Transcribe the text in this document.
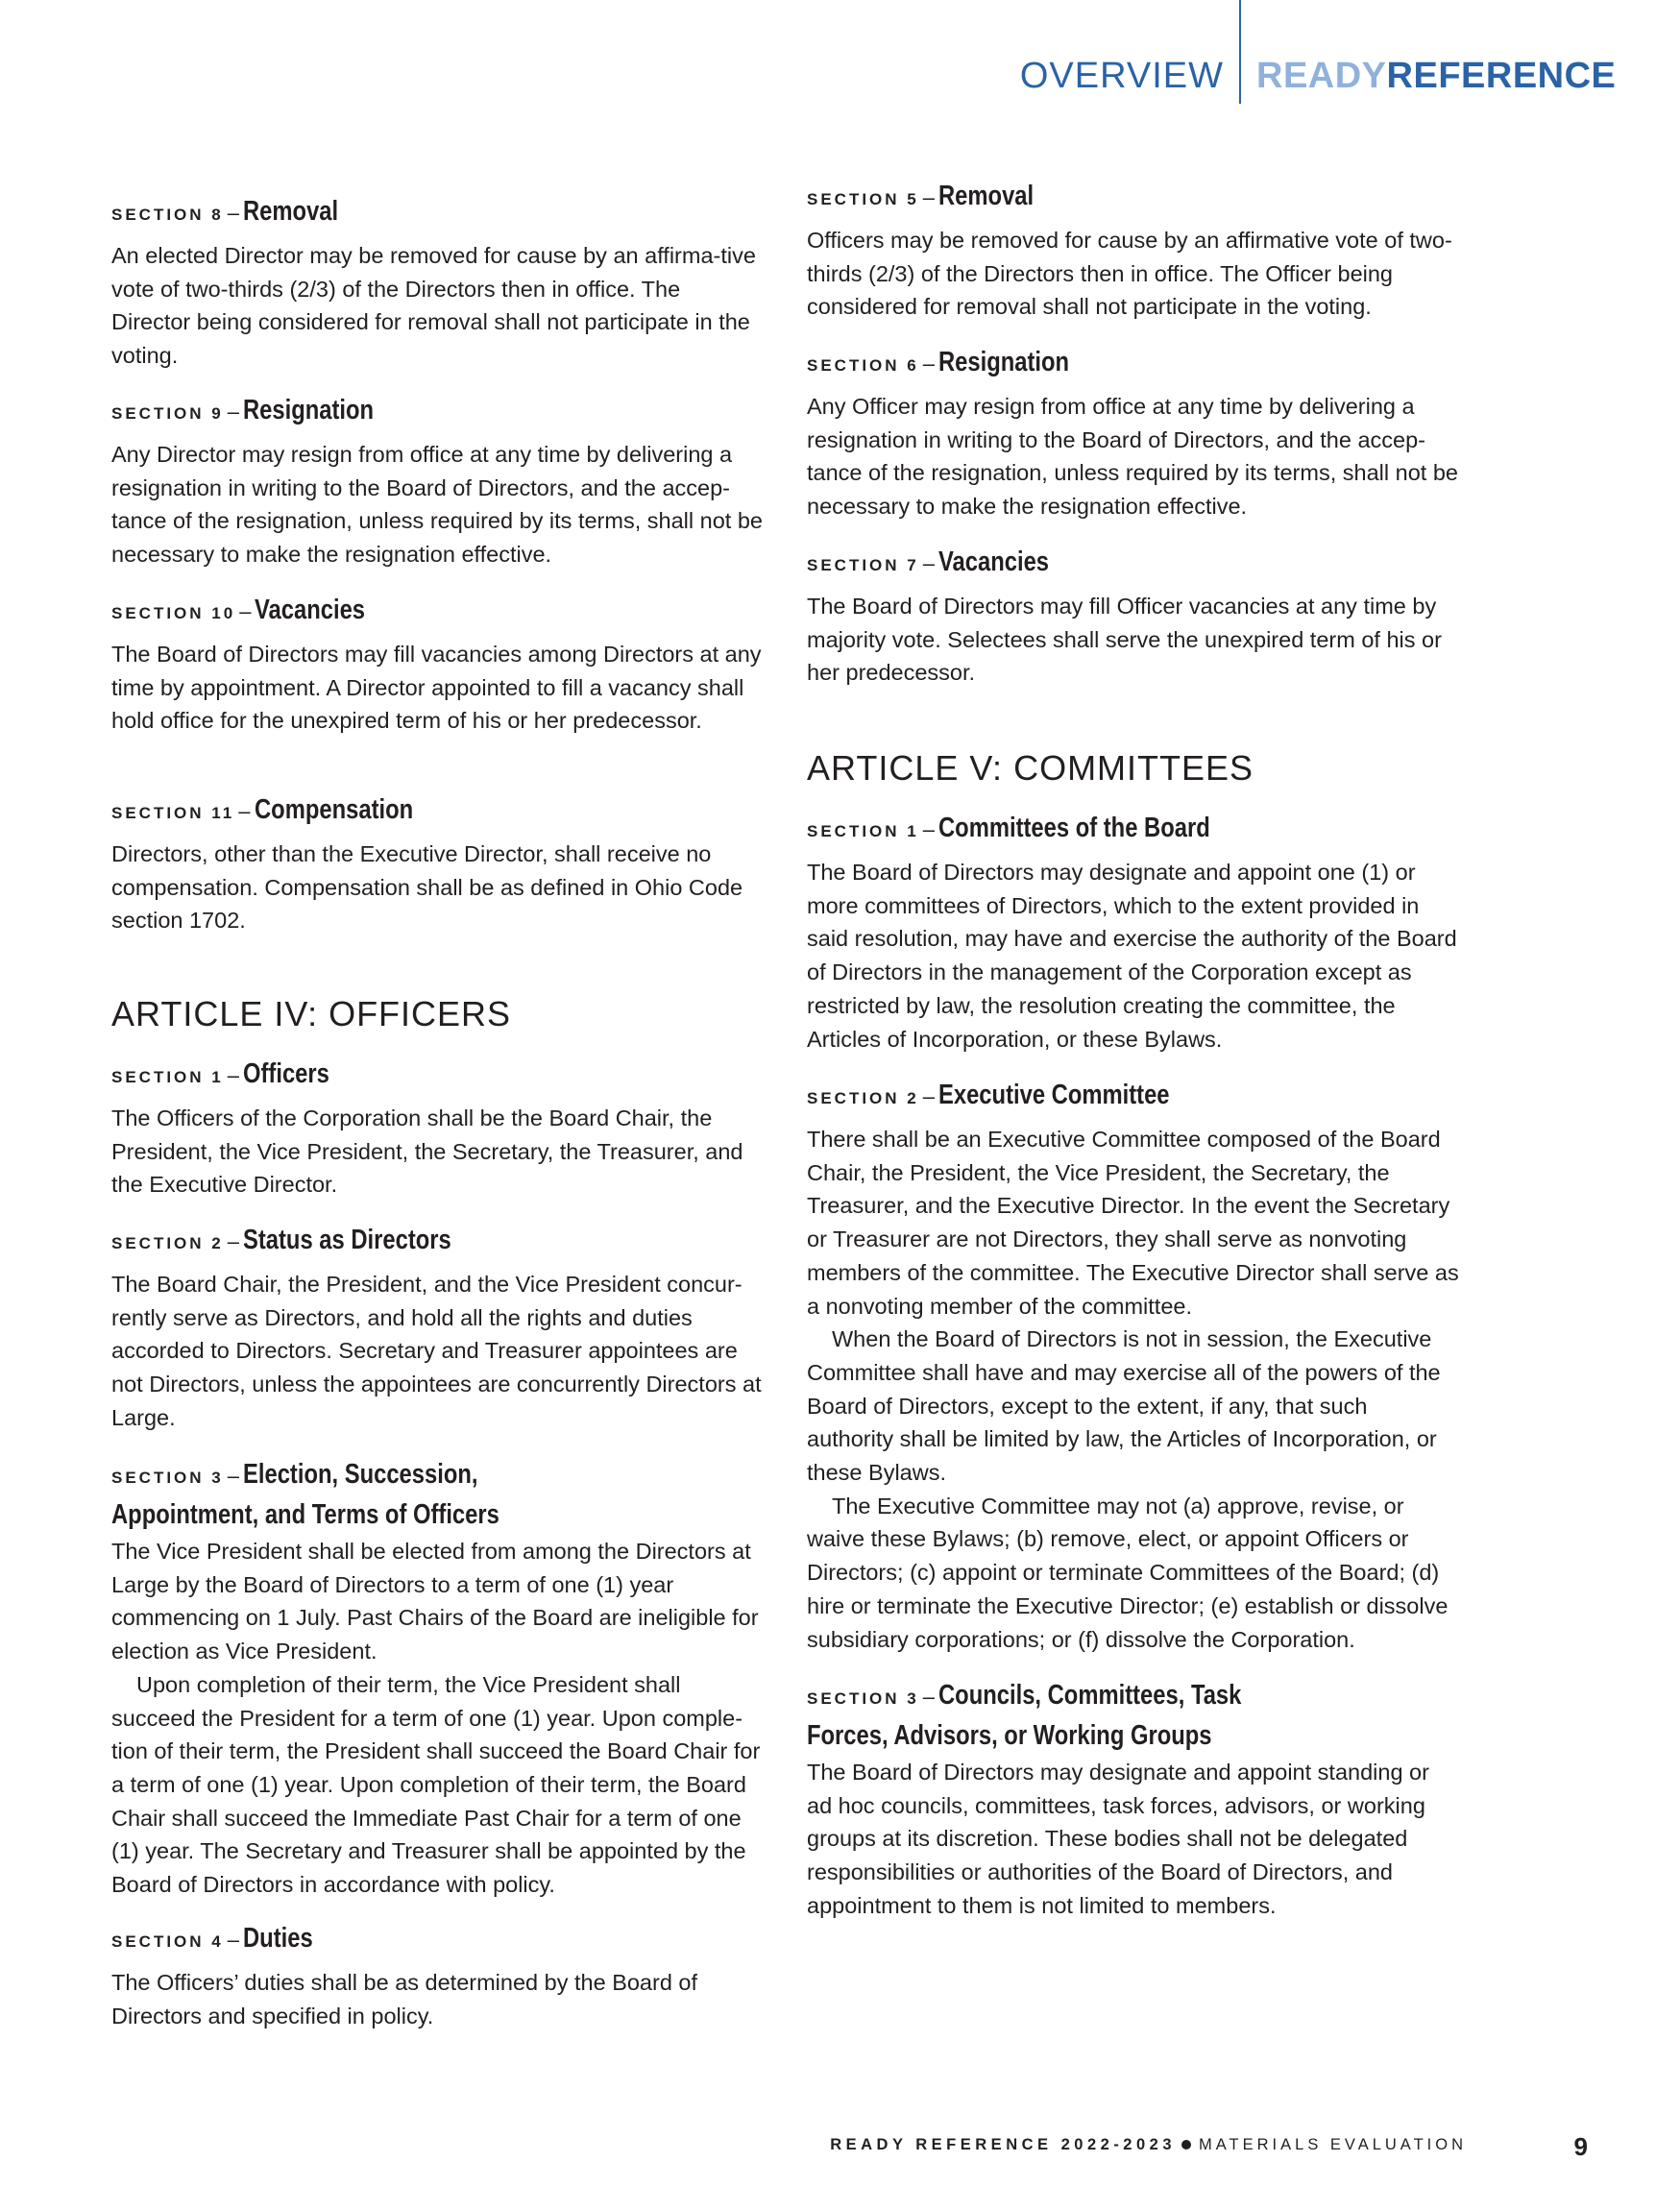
OVERVIEW READYREFERENCE
SECTION 8 – Removal

An elected Director may be removed for cause by an affirma-tive vote of two-thirds (2/3) of the Directors then in office. The Director being considered for removal shall not participate in the voting.

SECTION 9 – Resignation

Any Director may resign from office at any time by delivering a resignation in writing to the Board of Directors, and the accep-tance of the resignation, unless required by its terms, shall not be necessary to make the resignation effective.

SECTION 10 – Vacancies

The Board of Directors may fill vacancies among Directors at any time by appointment. A Director appointed to fill a vacancy shall hold office for the unexpired term of his or her predecessor.

SECTION 11 – Compensation

Directors, other than the Executive Director, shall receive no compensation. Compensation shall be as defined in Ohio Code section 1702.

ARTICLE IV: OFFICERS
SECTION 1 – Officers

The Officers of the Corporation shall be the Board Chair, the President, the Vice President, the Secretary, the Treasurer, and the Executive Director.

SECTION 2 – Status as Directors

The Board Chair, the President, and the Vice President concur-rently serve as Directors, and hold all the rights and duties accorded to Directors. Secretary and Treasurer appointees are not Directors, unless the appointees are concurrently Directors at Large.

SECTION 3 – Election, Succession,
Appointment, and Terms of Officers

The Vice President shall be elected from among the Directors at Large by the Board of Directors to a term of one (1) year commencing on 1 July. Past Chairs of the Board are ineligible for election as Vice President.

Upon completion of their term, the Vice President shall succeed the President for a term of one (1) year. Upon comple-tion of their term, the President shall succeed the Board Chair for a term of one (1) year. Upon completion of their term, the Board Chair shall succeed the Immediate Past Chair for a term of one (1) year. The Secretary and Treasurer shall be appointed by the Board of Directors in accordance with policy.

SECTION 4 – Duties

The Officers’ duties shall be as determined by the Board of Directors and specified in policy.

SECTION 5 – Removal

Officers may be removed for cause by an affirmative vote of two-thirds (2/3) of the Directors then in office. The Officer being considered for removal shall not participate in the voting.

SECTION 6 – Resignation

Any Officer may resign from office at any time by delivering a resignation in writing to the Board of Directors, and the accep-tance of the resignation, unless required by its terms, shall not be necessary to make the resignation effective.

SECTION 7 – Vacancies

The Board of Directors may fill Officer vacancies at any time by majority vote. Selectees shall serve the unexpired term of his or her predecessor.

ARTICLE V: COMMITTEES
SECTION 1 – Committees of the Board

The Board of Directors may designate and appoint one (1) or more committees of Directors, which to the extent provided in said resolution, may have and exercise the authority of the Board of Directors in the management of the Corporation except as restricted by law, the resolution creating the committee, the Articles of Incorporation, or these Bylaws.

SECTION 2 – Executive Committee

There shall be an Executive Committee composed of the Board Chair, the President, the Vice President, the Secretary, the Treasurer, and the Executive Director. In the event the Secretary or Treasurer are not Directors, they shall serve as nonvoting members of the committee. The Executive Director shall serve as a nonvoting member of the committee.

When the Board of Directors is not in session, the Executive Committee shall have and may exercise all of the powers of the Board of Directors, except to the extent, if any, that such authority shall be limited by law, the Articles of Incorporation, or these Bylaws.

The Executive Committee may not (a) approve, revise, or waive these Bylaws; (b) remove, elect, or appoint Officers or Directors; (c) appoint or terminate Committees of the Board; (d) hire or terminate the Executive Director; (e) establish or dissolve subsidiary corporations; or (f) dissolve the Corporation.

SECTION 3 – Councils, Committees, Task
Forces, Advisors, or Working Groups

The Board of Directors may designate and appoint standing or ad hoc councils, committees, task forces, advisors, or working groups at its discretion. These bodies shall not be delegated responsibilities or authorities of the Board of Directors, and appointment to them is not limited to members.

READY REFERENCE 2022-2023 MATERIALS EVALUATION	9
